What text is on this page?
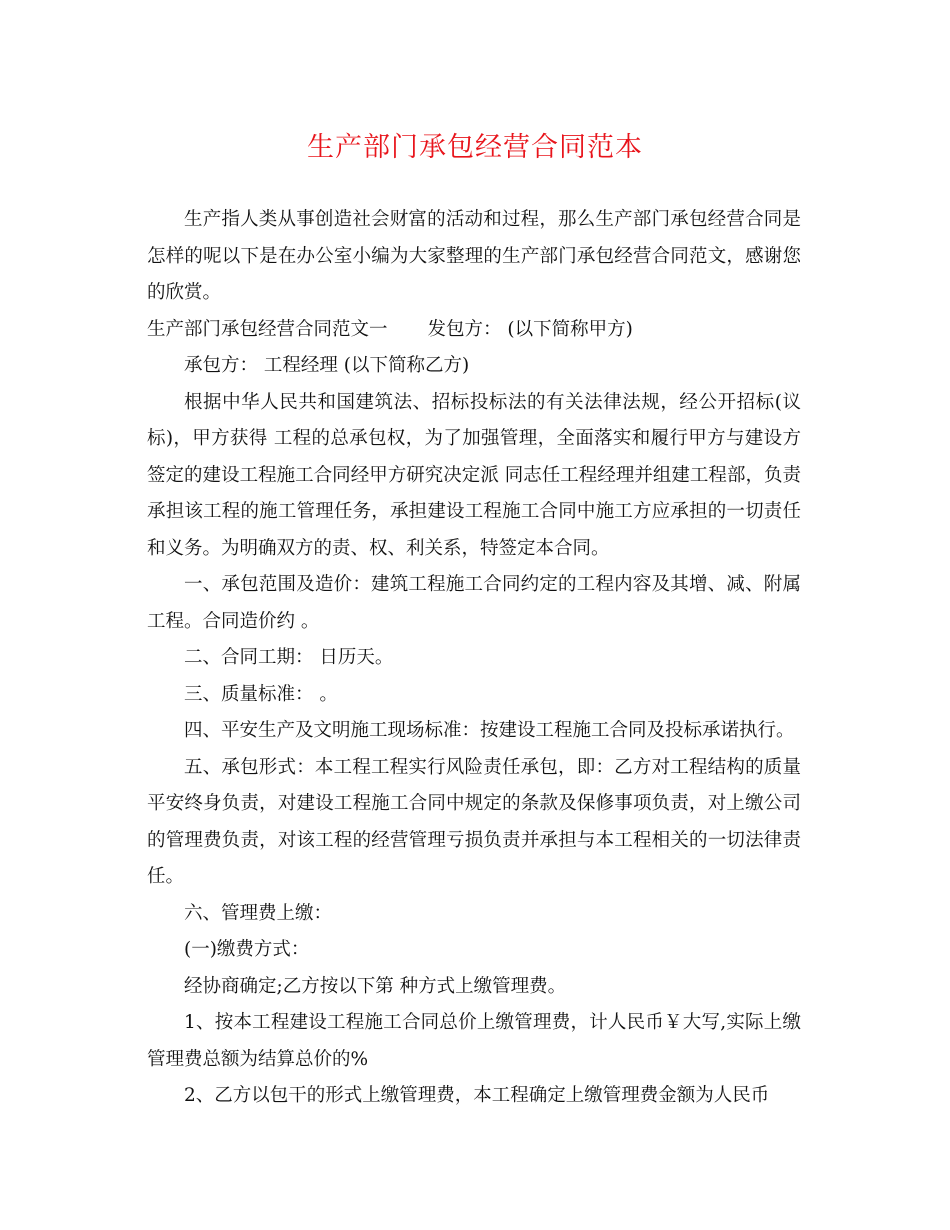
生产部门承包经营合同范本

生产指人类从事创造社会财富的活动和过程，那么生产部门承包经营合同是怎样的呢以下是在办公室小编为大家整理的生产部门承包经营合同范文，感谢您的欣赏。

生产部门承包经营合同范文一 发包方： (以下简称甲方)

承包方： 工程经理 (以下简称乙方)

根据中华人民共和国建筑法、招标投标法的有关法律法规，经公开招标(议标)，甲方获得 工程的总承包权，为了加强管理，全面落实和履行甲方与建设方签定的建设工程施工合同经甲方研究决定派 同志任工程经理并组建工程部，负责承担该工程的施工管理任务，承担建设工程施工合同中施工方应承担的一切责任和义务。为明确双方的责、权、利关系，特签定本合同。

一、承包范围及造价：建筑工程施工合同约定的工程内容及其增、减、附属工程。合同造价约 。

二、合同工期： 日历天。

三、质量标准： 。

四、平安生产及文明施工现场标准：按建设工程施工合同及投标承诺执行。

五、承包形式：本工程工程实行风险责任承包，即：乙方对工程结构的质量平安终身负责，对建设工程施工合同中规定的条款及保修事项负责，对上缴公司的管理费负责，对该工程的经营管理亏损负责并承担与本工程相关的一切法律责任。

六、管理费上缴：

(一)缴费方式：

经协商确定;乙方按以下第 种方式上缴管理费。

1、按本工程建设工程施工合同总价上缴管理费，计人民币￥大写,实际上缴管理费总额为结算总价的%

2、乙方以包干的形式上缴管理费，本工程确定上缴管理费金额为人民币
